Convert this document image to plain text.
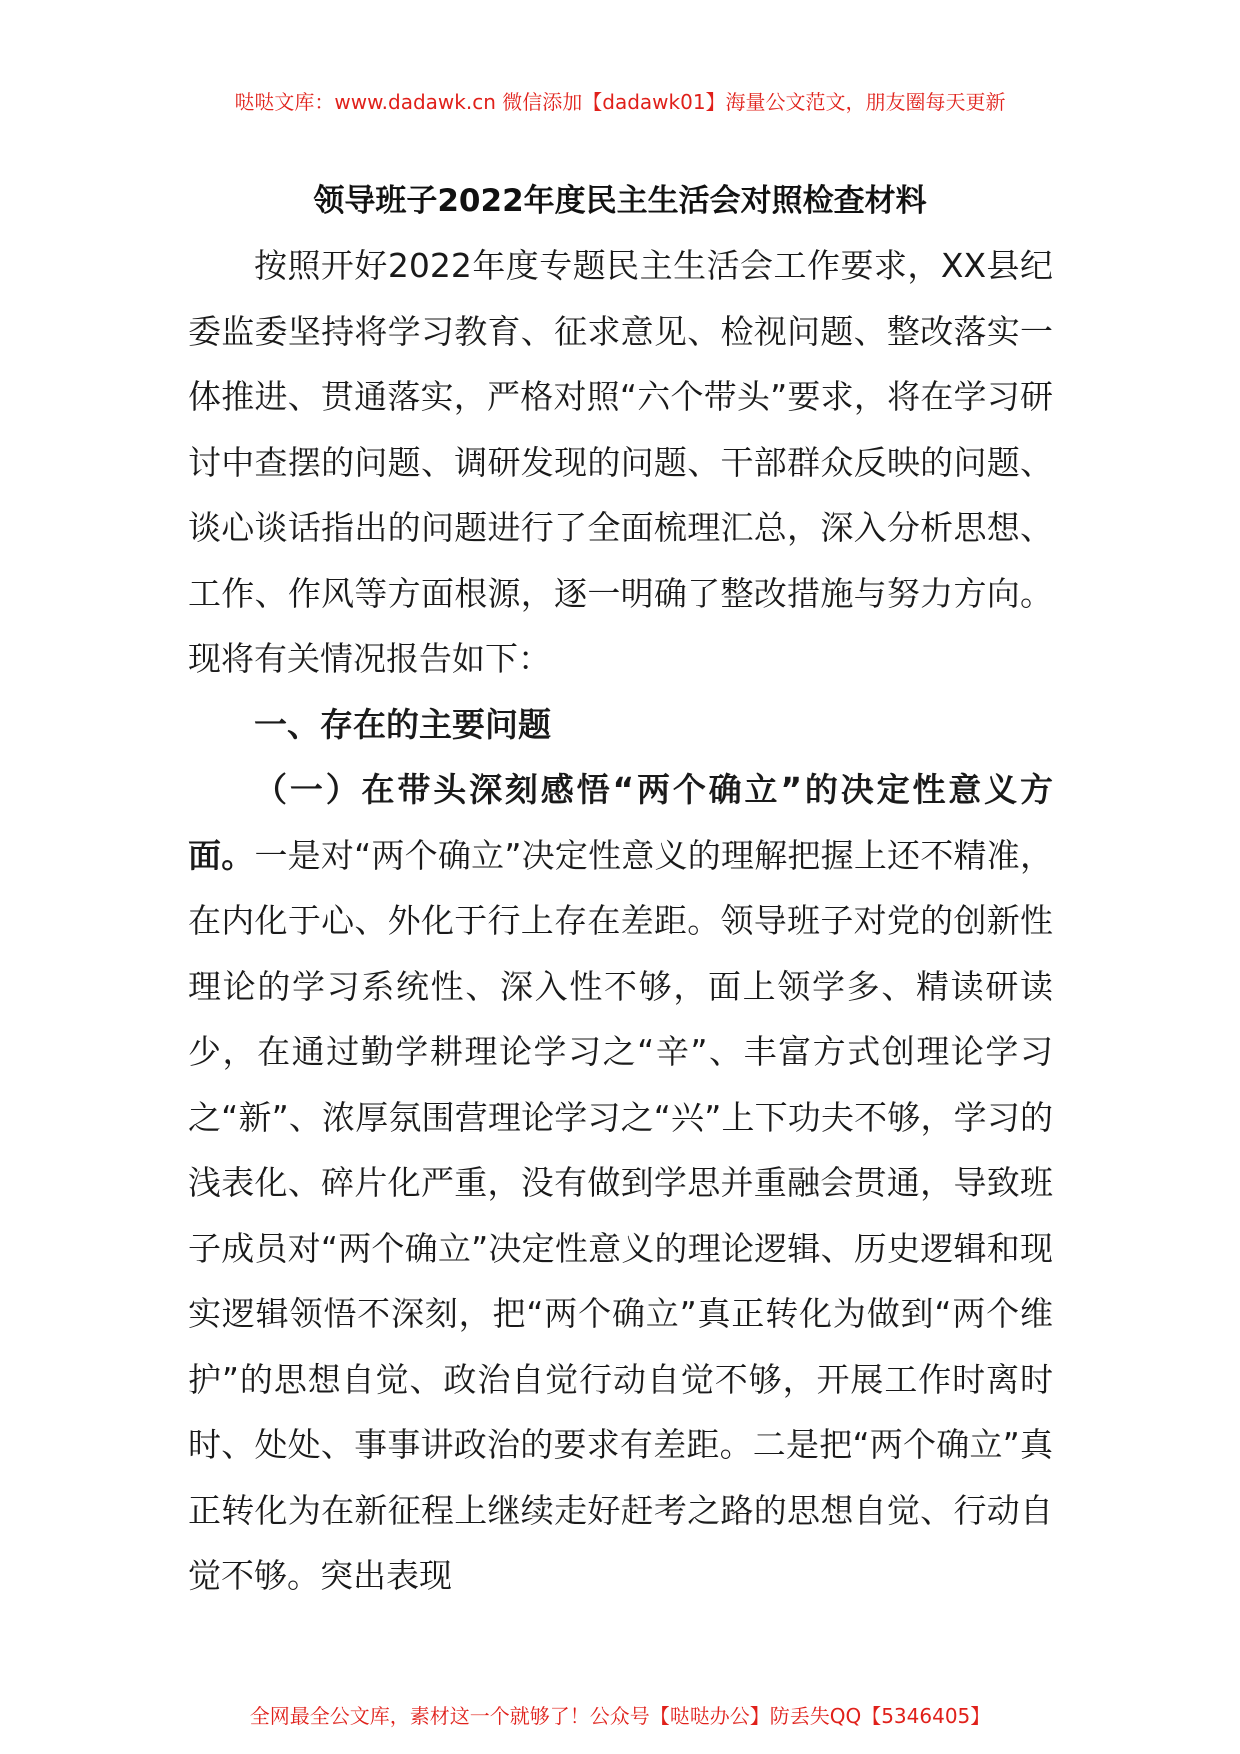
哒哒文库：www.dadawk.cn 微信添加【dadawk01】海量公文范文，朋友圈每天更新
领导班子2022年度民主生活会对照检查材料

按照开好2022年度专题民主生活会工作要求，XX县纪委监委坚持将学习教育、征求意见、检视问题、整改落实一体推进、贯通落实，严格对照“六个带头”要求，将在学习研讨中查摆的问题、调研发现的问题、干部群众反映的问题、谈心谈话指出的问题进行了全面梳理汇总，深入分析思想、工作、作风等方面根源，逐一明确了整改措施与努力方向。现将有关情况报告如下：

一、存在的主要问题

（一）在带头深刻感悟“两个确立”的决定性意义方面。一是对“两个确立”决定性意义的理解把握上还不精准，在内化于心、外化于行上存在差距。领导班子对党的创新性理论的学习系统性、深入性不够，面上领学多、精读研读少，在通过勤学耕理论学习之“辛”、丰富方式创理论学习之“新”、浓厚氛围营理论学习之“兴”上下功夫不够，学习的浅表化、碎片化严重，没有做到学思并重融会贯通，导致班子成员对“两个确立”决定性意义的理论逻辑、历史逻辑和现实逻辑领悟不深刻，把“两个确立”真正转化为做到“两个维护”的思想自觉、政治自觉行动自觉不够，开展工作时离时时、处处、事事讲政治的要求有差距。二是把“两个确立”真正转化为在新征程上继续走好赶考之路的思想自觉、行动自觉不够。突出表现

全网最全公文库，素材这一个就够了！公众号【哒哒办公】防丢失QQ【5346405】
